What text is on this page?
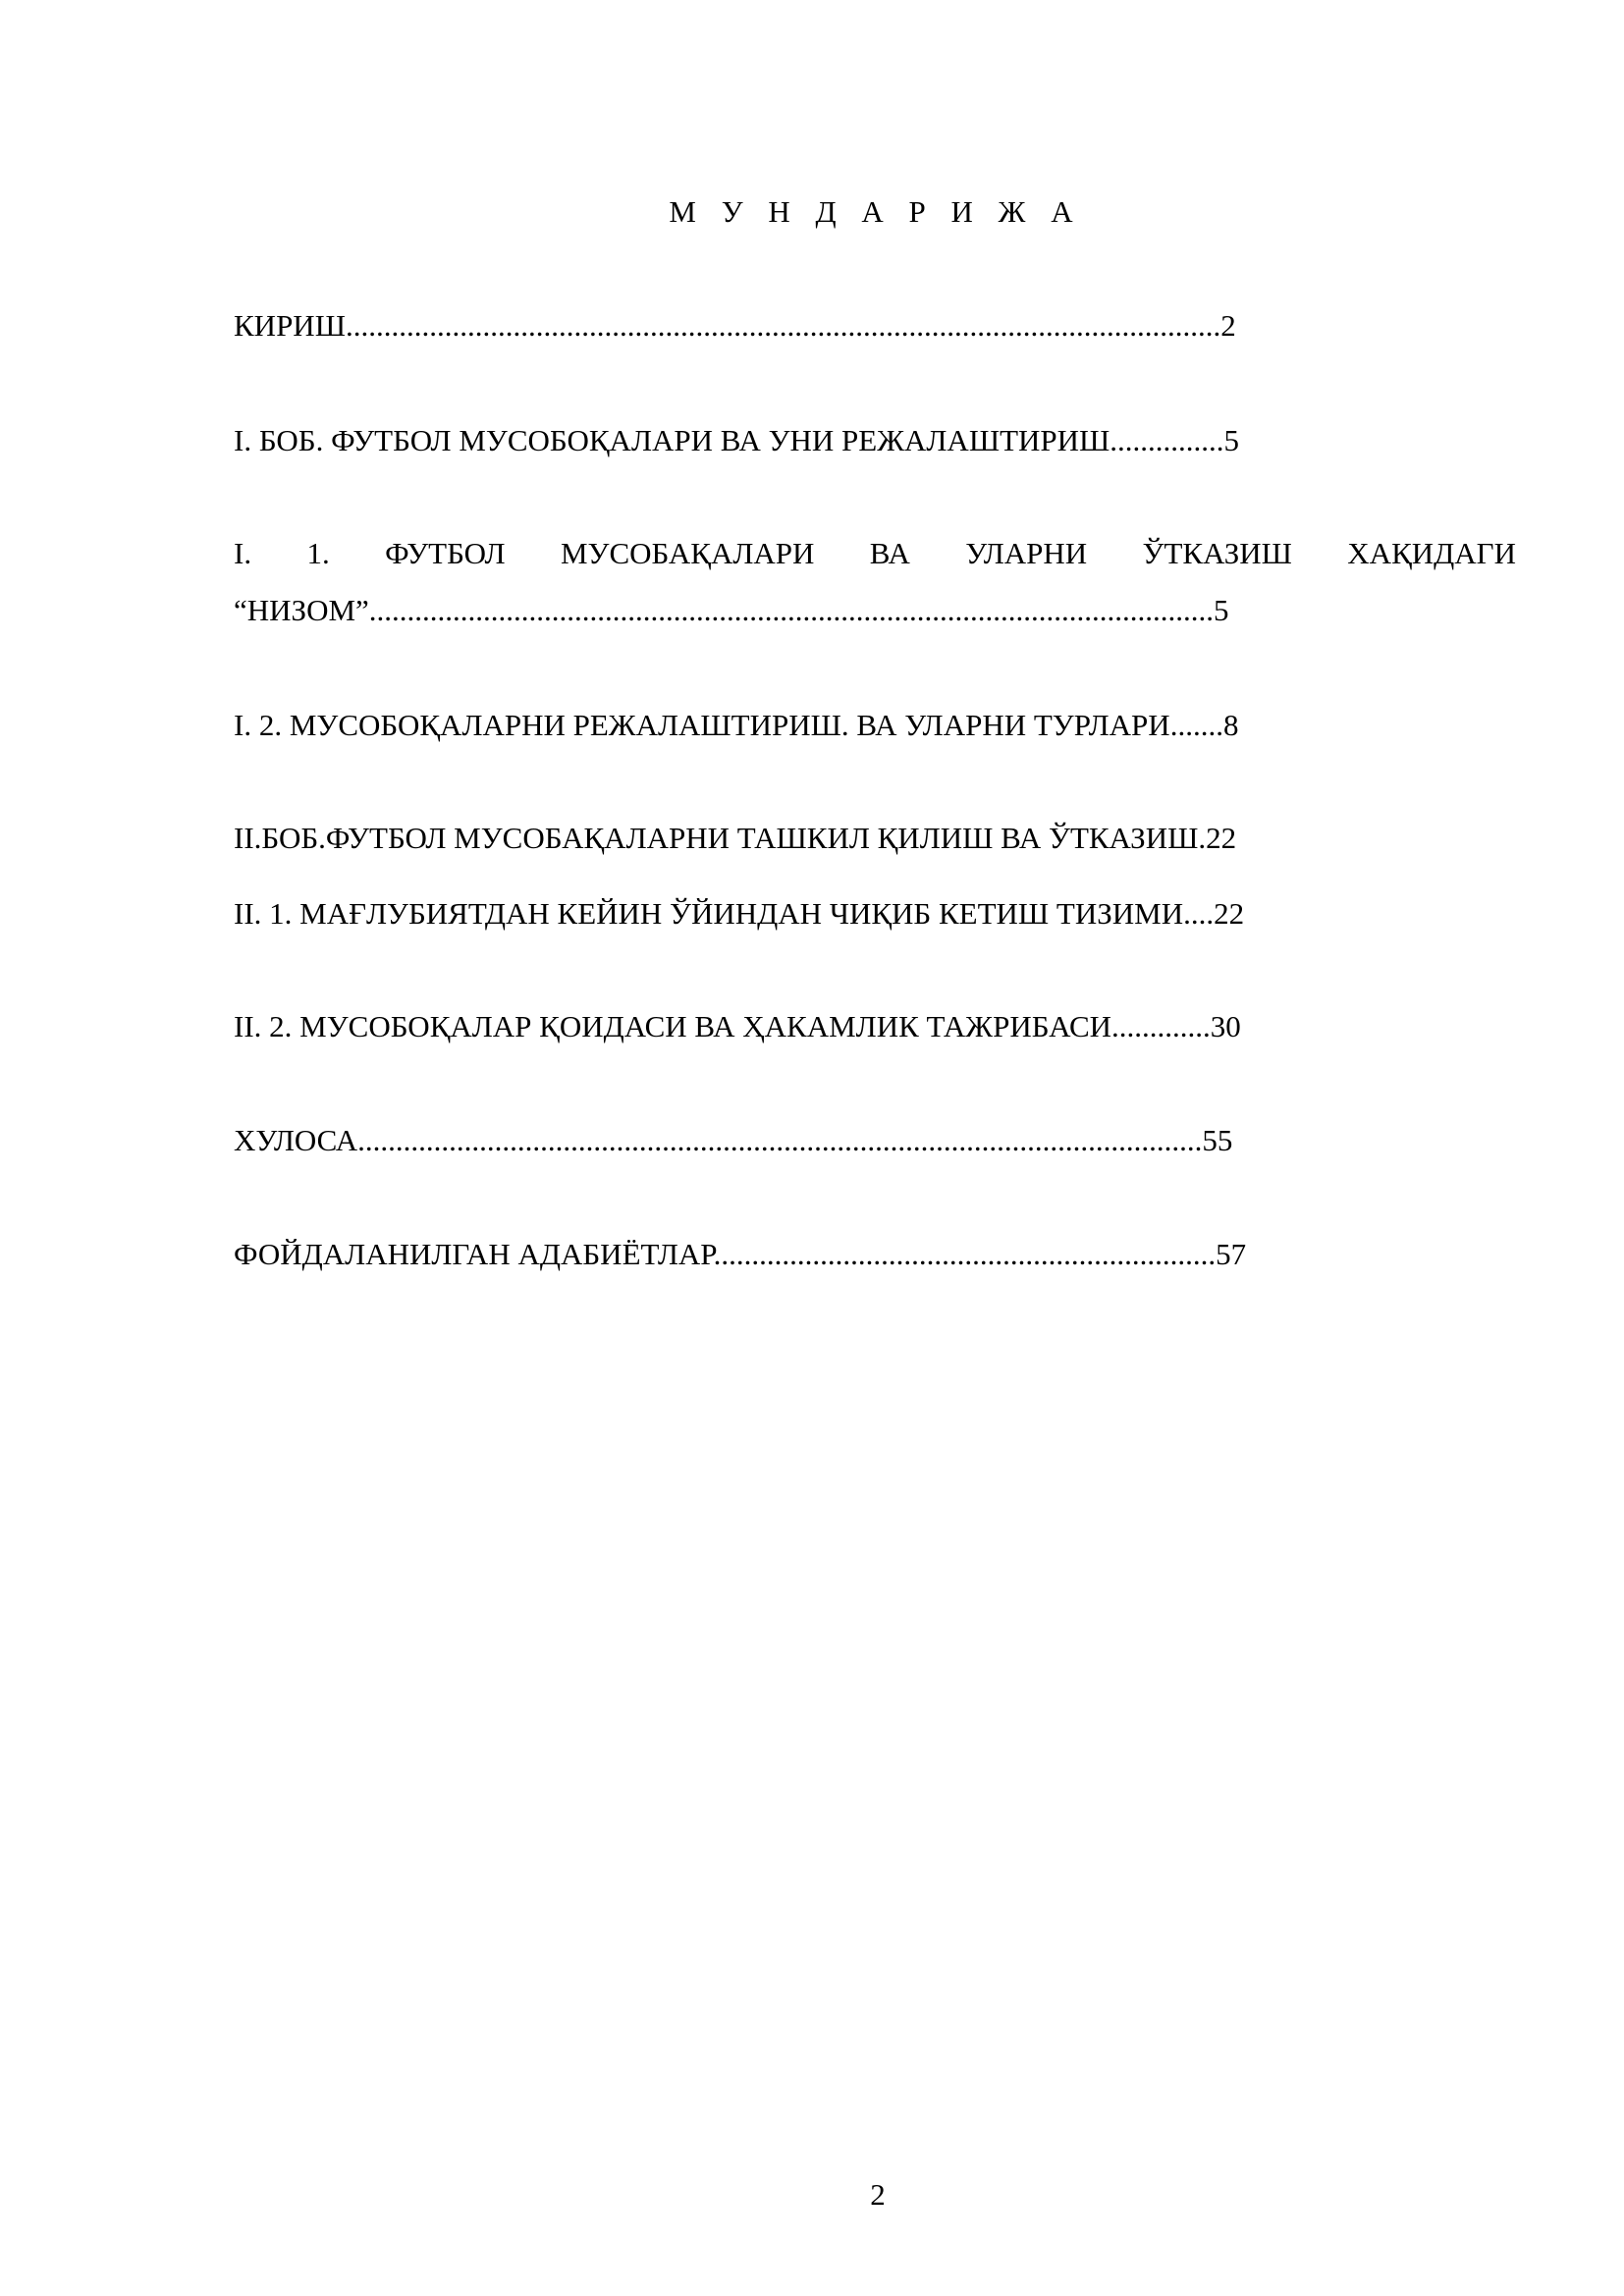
М У Н Д А Р И Ж А
КИРИШ...................................................................................................................2
I. БОБ. ФУТБОЛ МУСОБОҚАЛАРИ ВА УНИ РЕЖАЛАШТИРИШ...............5
I. 1. ФУТБОЛ МУСОБАҚАЛАРИ ВА УЛАРНИ ЎТКАЗИШ ХАҚИДАГИ
“НИЗОМ”...............................................................................................................5
I. 2. МУСОБОҚАЛАРНИ РЕЖАЛАШТИРИШ. ВА УЛАРНИ ТУРЛАРИ.......8
II.БОБ.ФУТБОЛ МУСОБАҚАЛАРНИ ТАШКИЛ ҚИЛИШ ВА ЎТКАЗИШ.22
II. 1. МАҒЛУБИЯТДАН КЕЙИН ЎЙИНДАН ЧИҚИБ КЕТИШ ТИЗИМИ....22
II. 2. МУСОБОҚАЛАР ҚОИДАСИ ВА ҲАКАМЛИК ТАЖРИБАСИ.............30
ХУЛОСА...............................................................................................................55
ФОЙДАЛАНИЛГАН АДАБИЁТЛАР..................................................................57
2
